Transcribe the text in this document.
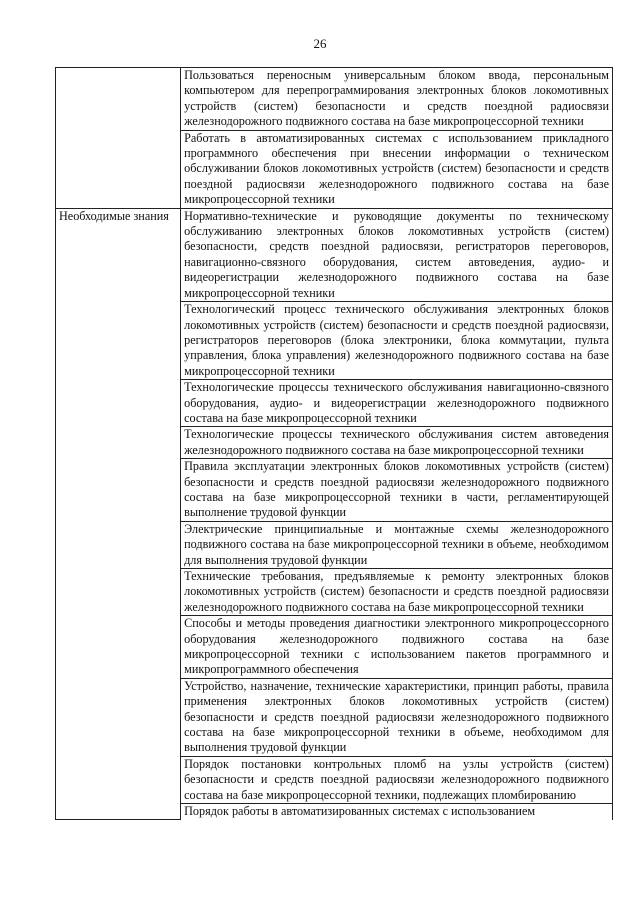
26
	Пользоваться переносным универсальным блоком ввода, персональным компьютером для перепрограммирования электронных блоков локомотивных устройств (систем) безопасности и средств поездной радиосвязи железнодорожного подвижного состава на базе микропроцессорной техники
	Работать в автоматизированных системах с использованием прикладного программного обеспечения при внесении информации о техническом обслуживании блоков локомотивных устройств (систем) безопасности и средств поездной радиосвязи железнодорожного подвижного состава на базе микропроцессорной техники
Необходимые знания	Нормативно-технические и руководящие документы по техническому обслуживанию электронных блоков локомотивных устройств (систем) безопасности, средств поездной радиосвязи, регистраторов переговоров, навигационно-связного оборудования, систем автоведения, аудио- и видеорегистрации железнодорожного подвижного состава на базе микропроцессорной техники
	Технологический процесс технического обслуживания электронных блоков локомотивных устройств (систем) безопасности и средств поездной радиосвязи, регистраторов переговоров (блока электроники, блока коммутации, пульта управления, блока управления) железнодорожного подвижного состава на базе микропроцессорной техники
	Технологические процессы технического обслуживания навигационно-связного оборудования, аудио- и видеорегистрации железнодорожного подвижного состава на базе микропроцессорной техники
	Технологические процессы технического обслуживания систем автоведения железнодорожного подвижного состава на базе микропроцессорной техники
	Правила эксплуатации электронных блоков локомотивных устройств (систем) безопасности и средств поездной радиосвязи железнодорожного подвижного состава на базе микропроцессорной техники в части, регламентирующей выполнение трудовой функции
	Электрические принципиальные и монтажные схемы железнодорожного подвижного состава на базе микропроцессорной техники в объеме, необходимом для выполнения трудовой функции
	Технические требования, предъявляемые к ремонту электронных блоков локомотивных устройств (систем) безопасности и средств поездной радиосвязи железнодорожного подвижного состава на базе микропроцессорной техники
	Способы и методы проведения диагностики электронного микропроцессорного оборудования железнодорожного подвижного состава на базе микропроцессорной техники с использованием пакетов программного и микропрограммного обеспечения
	Устройство, назначение, технические характеристики, принцип работы, правила применения электронных блоков локомотивных устройств (систем) безопасности и средств поездной радиосвязи железнодорожного подвижного состава на базе микропроцессорной техники в объеме, необходимом для выполнения трудовой функции
	Порядок постановки контрольных пломб на узлы устройств (систем) безопасности и средств поездной радиосвязи железнодорожного подвижного состава на базе микропроцессорной техники, подлежащих пломбированию
	Порядок работы в автоматизированных системах с использованием
